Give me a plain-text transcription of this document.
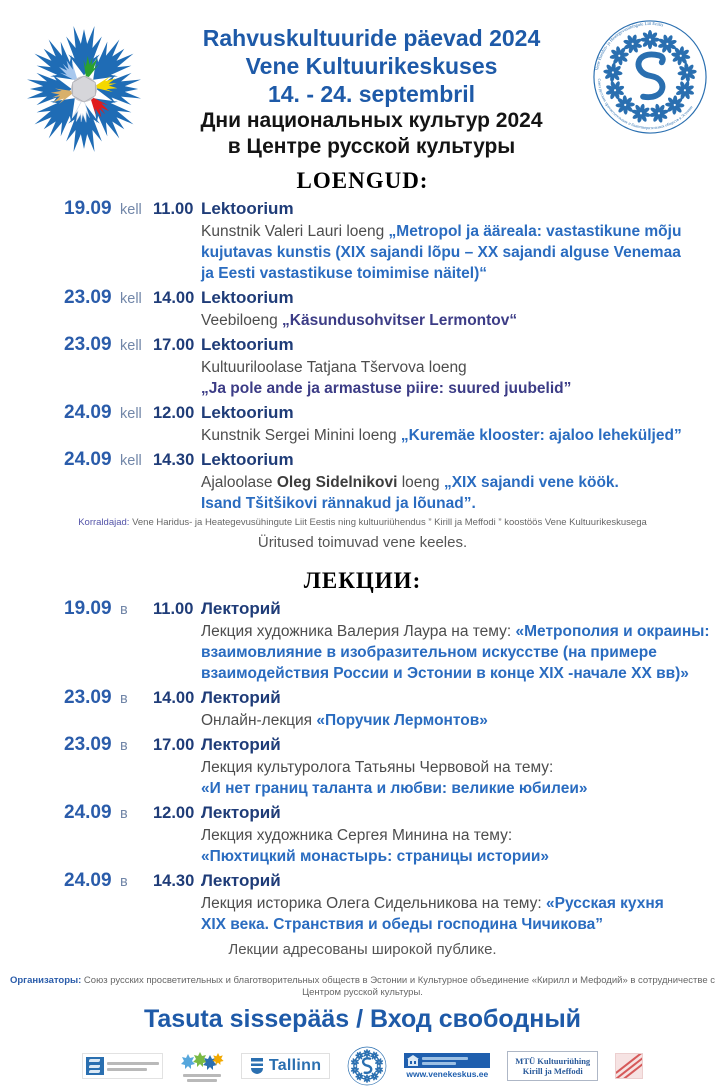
Rahvuskultuuride päevad 2024
Vene Kultuurikeskuses
14. - 24. septembril
Дни национальных культур 2024
в Центре русской культуры
Vene Haridus- ja Heategevusühingute Liit Eestis
Союз русских просветительных и благотворительных обществ в Эстонии
LOENGUD:
19.09 kell 11.00 Lektoorium
Kunstnik Valeri Lauri loeng „Metropol ja ääreala: vastastikune mõju
kujutavas kunstis (XIX sajandi lõpu – XX sajandi alguse Venemaa
ja Eesti vastastikuse toimimise näitel)“
23.09 kell 14.00 Lektoorium
Veebiloeng „Käsundusohvitser Lermontov“
23.09 kell 17.00 Lektoorium
Kultuuriloolase Tatjana Tšervova loeng
„Ja pole ande ja armastuse piire: suured juubelid”
24.09 kell 12.00 Lektoorium
Kunstnik Sergei Minini loeng „Kuremäe klooster: ajaloo leheküljed”
24.09 kell 14.30 Lektoorium
Ajaloolase Oleg Sidelnikovi loeng „XIX sajandi vene köök.
Isand Tšitšikovi rännakud ja lõunad”.

Korraldajad: Vene Haridus- ja Heategevusühingute Liit Eestis ning kultuuriühendus ” Kirill ja Meffodi ” koostöös Vene Kultuurikeskusega

Üritused toimuvad vene keeles.

ЛЕКЦИИ:
19.09 в	11.00 Лекторий
Лекция художника Валерия Лаура на тему: «Метрополия и окраины:
взаимовлияние в изобразительном искусстве (на примере
взаимодействия России и Эстонии в конце XIX -начале XX вв)»
23.09 в	14.00 Лекторий
Онлайн-лекция «Поручик Лермонтов»
23.09 в	17.00 Лекторий
Лекция культуролога Татьяны Червовой на тему:
«И нет границ таланта и любви: великие юбилеи»
24.09 в	12.00 Лекторий
Лекция художника Сергея Минина на тему:
«Пюхтицкий монастырь: страницы истории»
24.09 в	14.30 Лекторий
Лекция историка Олега Сидельникова на тему: «Русская кухня
XIX века. Странствия и обеды господина Чичикова”

Лекции адресованы широкой публике.

Организаторы: Союз русских просветительных и благотворительных обществ в Эстонии и Культурное объединение «Кирилл и Мефодий» в сотрудничестве с Центром русской культуры.

Tasuta sissepääs / Вход свободный
Tallinn	www.venekeskus.ee
MTÜ Kultuuriühing
Kirill ja Meffodi
